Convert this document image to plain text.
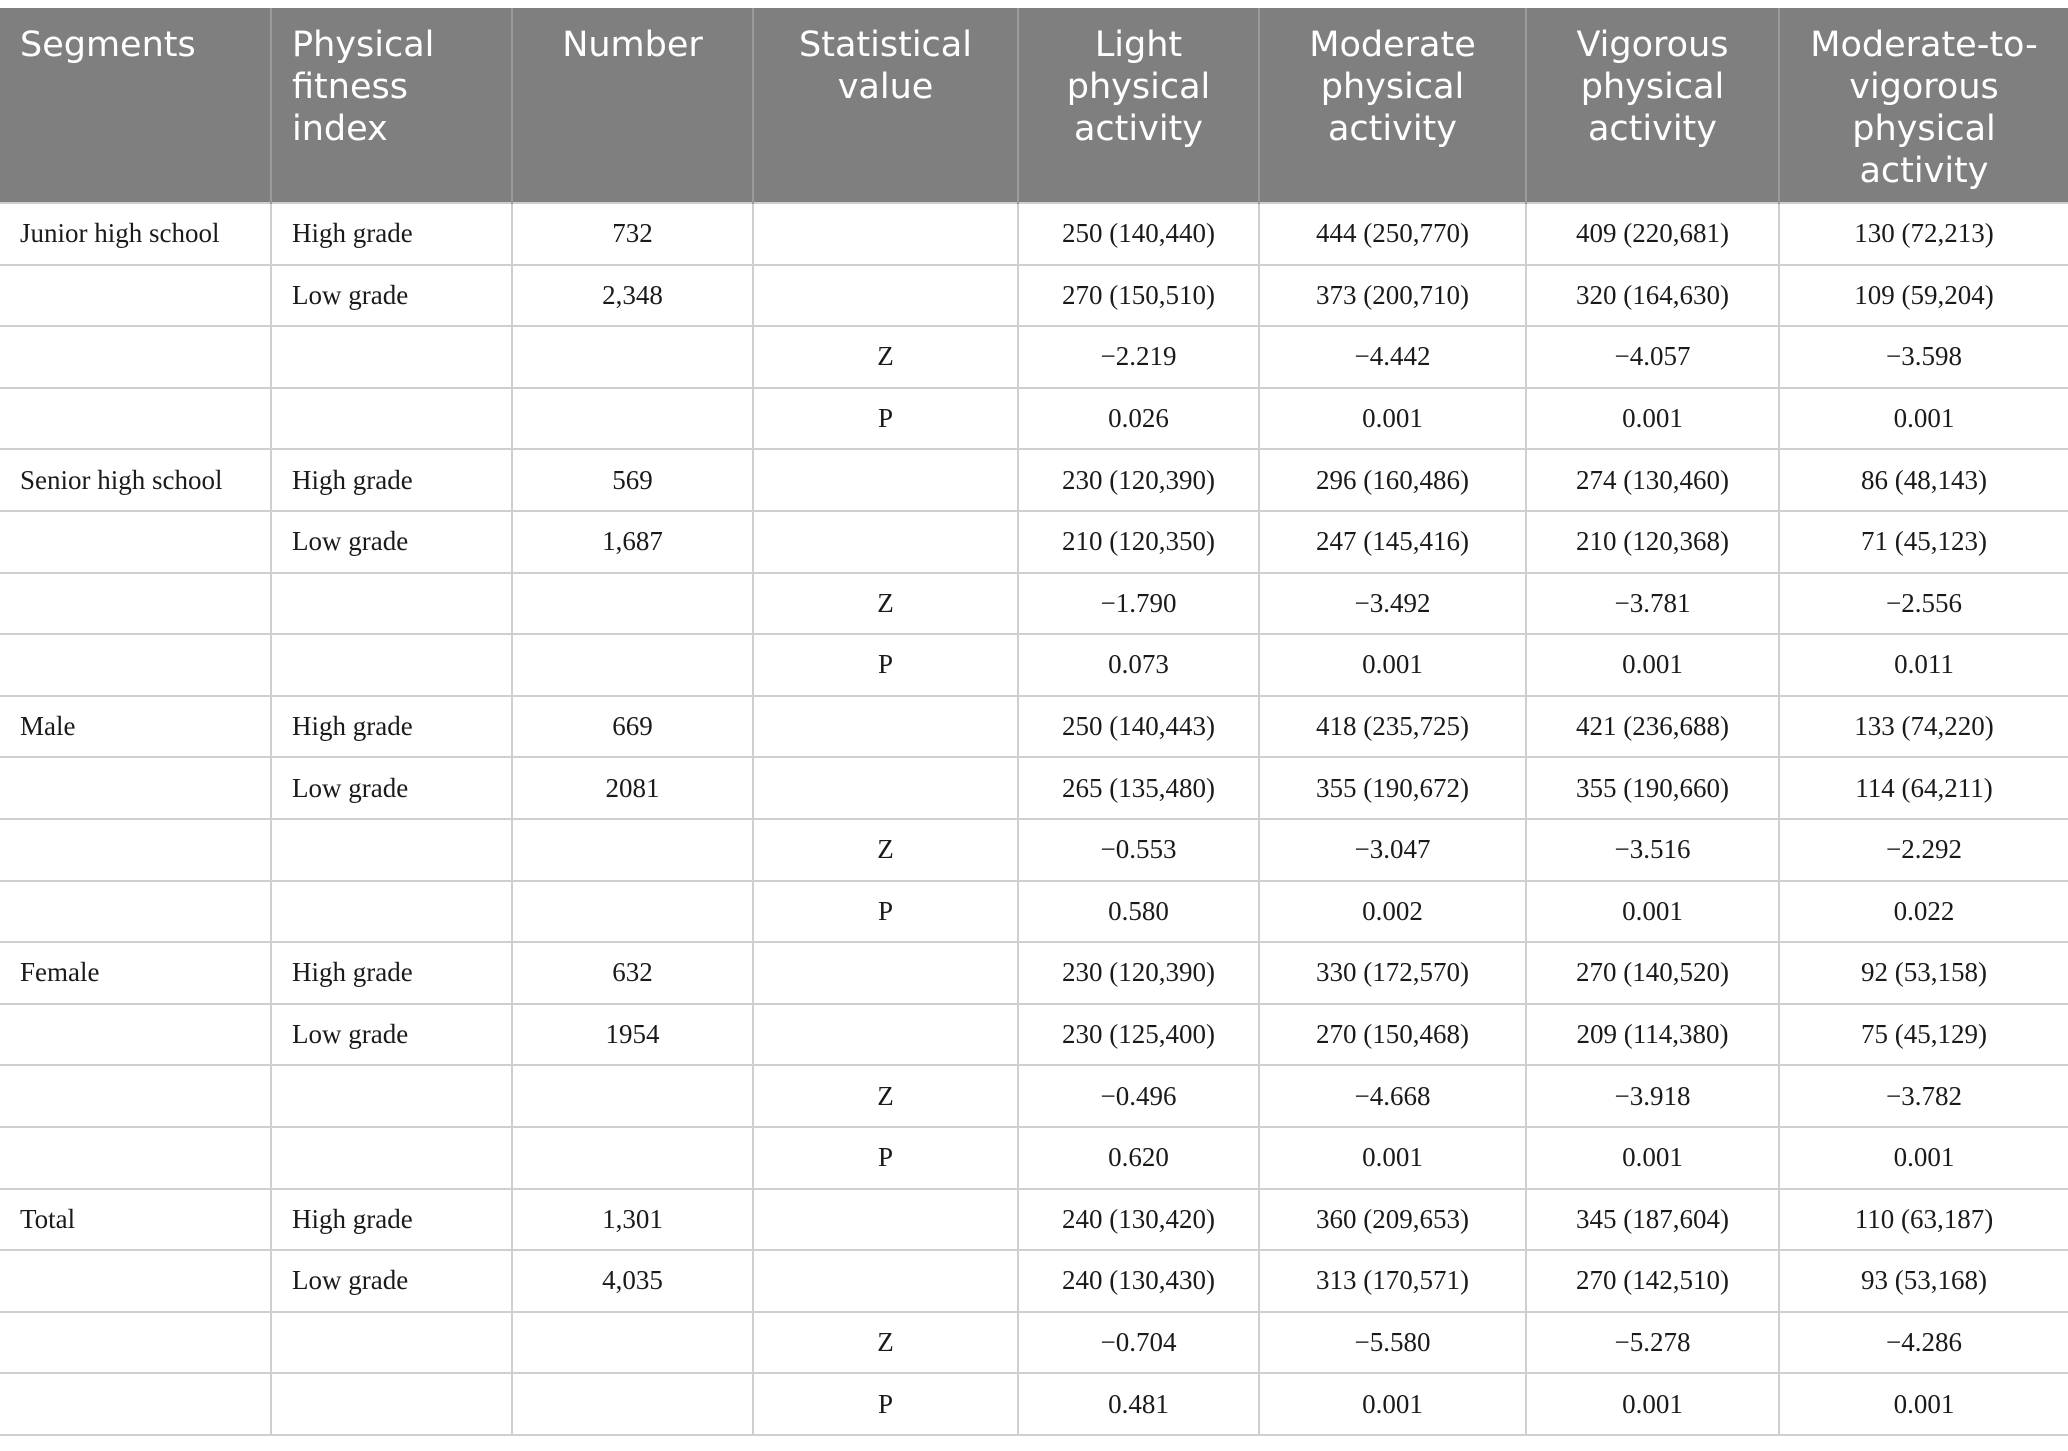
Segments	Physical fitness index	Number	Statistical value	Light physical activity	Moderate physical activity	Vigorous physical activity	Moderate-to-vigorous physical activity
Junior high school	High grade	732		250 (140,440)	444 (250,770)	409 (220,681)	130 (72,213)
	Low grade	2,348		270 (150,510)	373 (200,710)	320 (164,630)	109 (59,204)
			Z	−2.219	−4.442	−4.057	−3.598
			P	0.026	0.001	0.001	0.001
Senior high school	High grade	569		230 (120,390)	296 (160,486)	274 (130,460)	86 (48,143)
	Low grade	1,687		210 (120,350)	247 (145,416)	210 (120,368)	71 (45,123)
			Z	−1.790	−3.492	−3.781	−2.556
			P	0.073	0.001	0.001	0.011
Male	High grade	669		250 (140,443)	418 (235,725)	421 (236,688)	133 (74,220)
	Low grade	2081		265 (135,480)	355 (190,672)	355 (190,660)	114 (64,211)
			Z	−0.553	−3.047	−3.516	−2.292
			P	0.580	0.002	0.001	0.022
Female	High grade	632		230 (120,390)	330 (172,570)	270 (140,520)	92 (53,158)
	Low grade	1954		230 (125,400)	270 (150,468)	209 (114,380)	75 (45,129)
			Z	−0.496	−4.668	−3.918	−3.782
			P	0.620	0.001	0.001	0.001
Total	High grade	1,301		240 (130,420)	360 (209,653)	345 (187,604)	110 (63,187)
	Low grade	4,035		240 (130,430)	313 (170,571)	270 (142,510)	93 (53,168)
			Z	−0.704	−5.580	−5.278	−4.286
			P	0.481	0.001	0.001	0.001
